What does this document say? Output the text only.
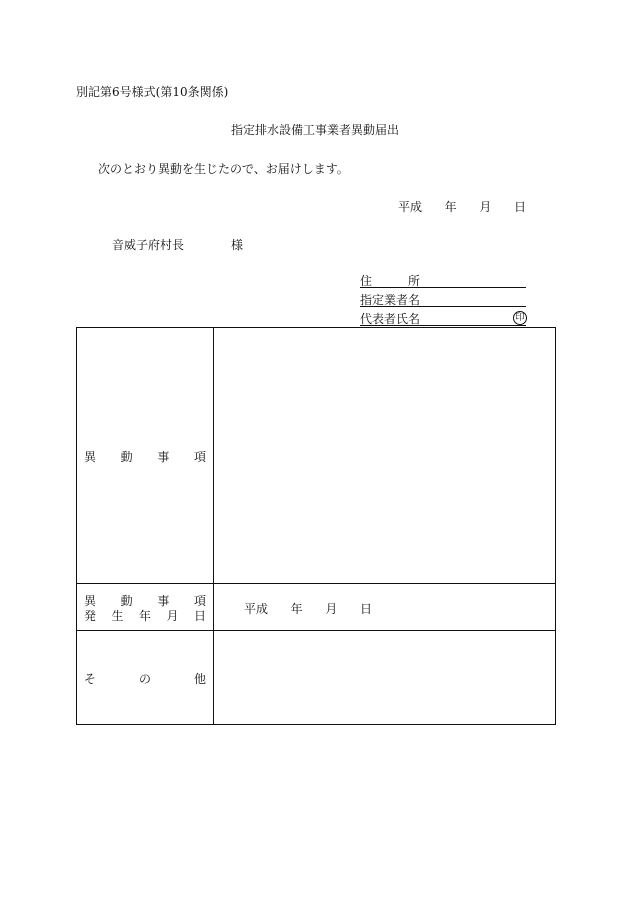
別記第6号様式(第10条関係)
指定排水設備工事業者異動届出
次のとおり異動を生じたので、お届けします。
平成 年 月 日
音威子府村長	様
住	所
指定業者名
代表者氏名	印
異 動 事 項
異 動 事 項
発 生 年 月 日	平成 年 月 日
そ	の	他
